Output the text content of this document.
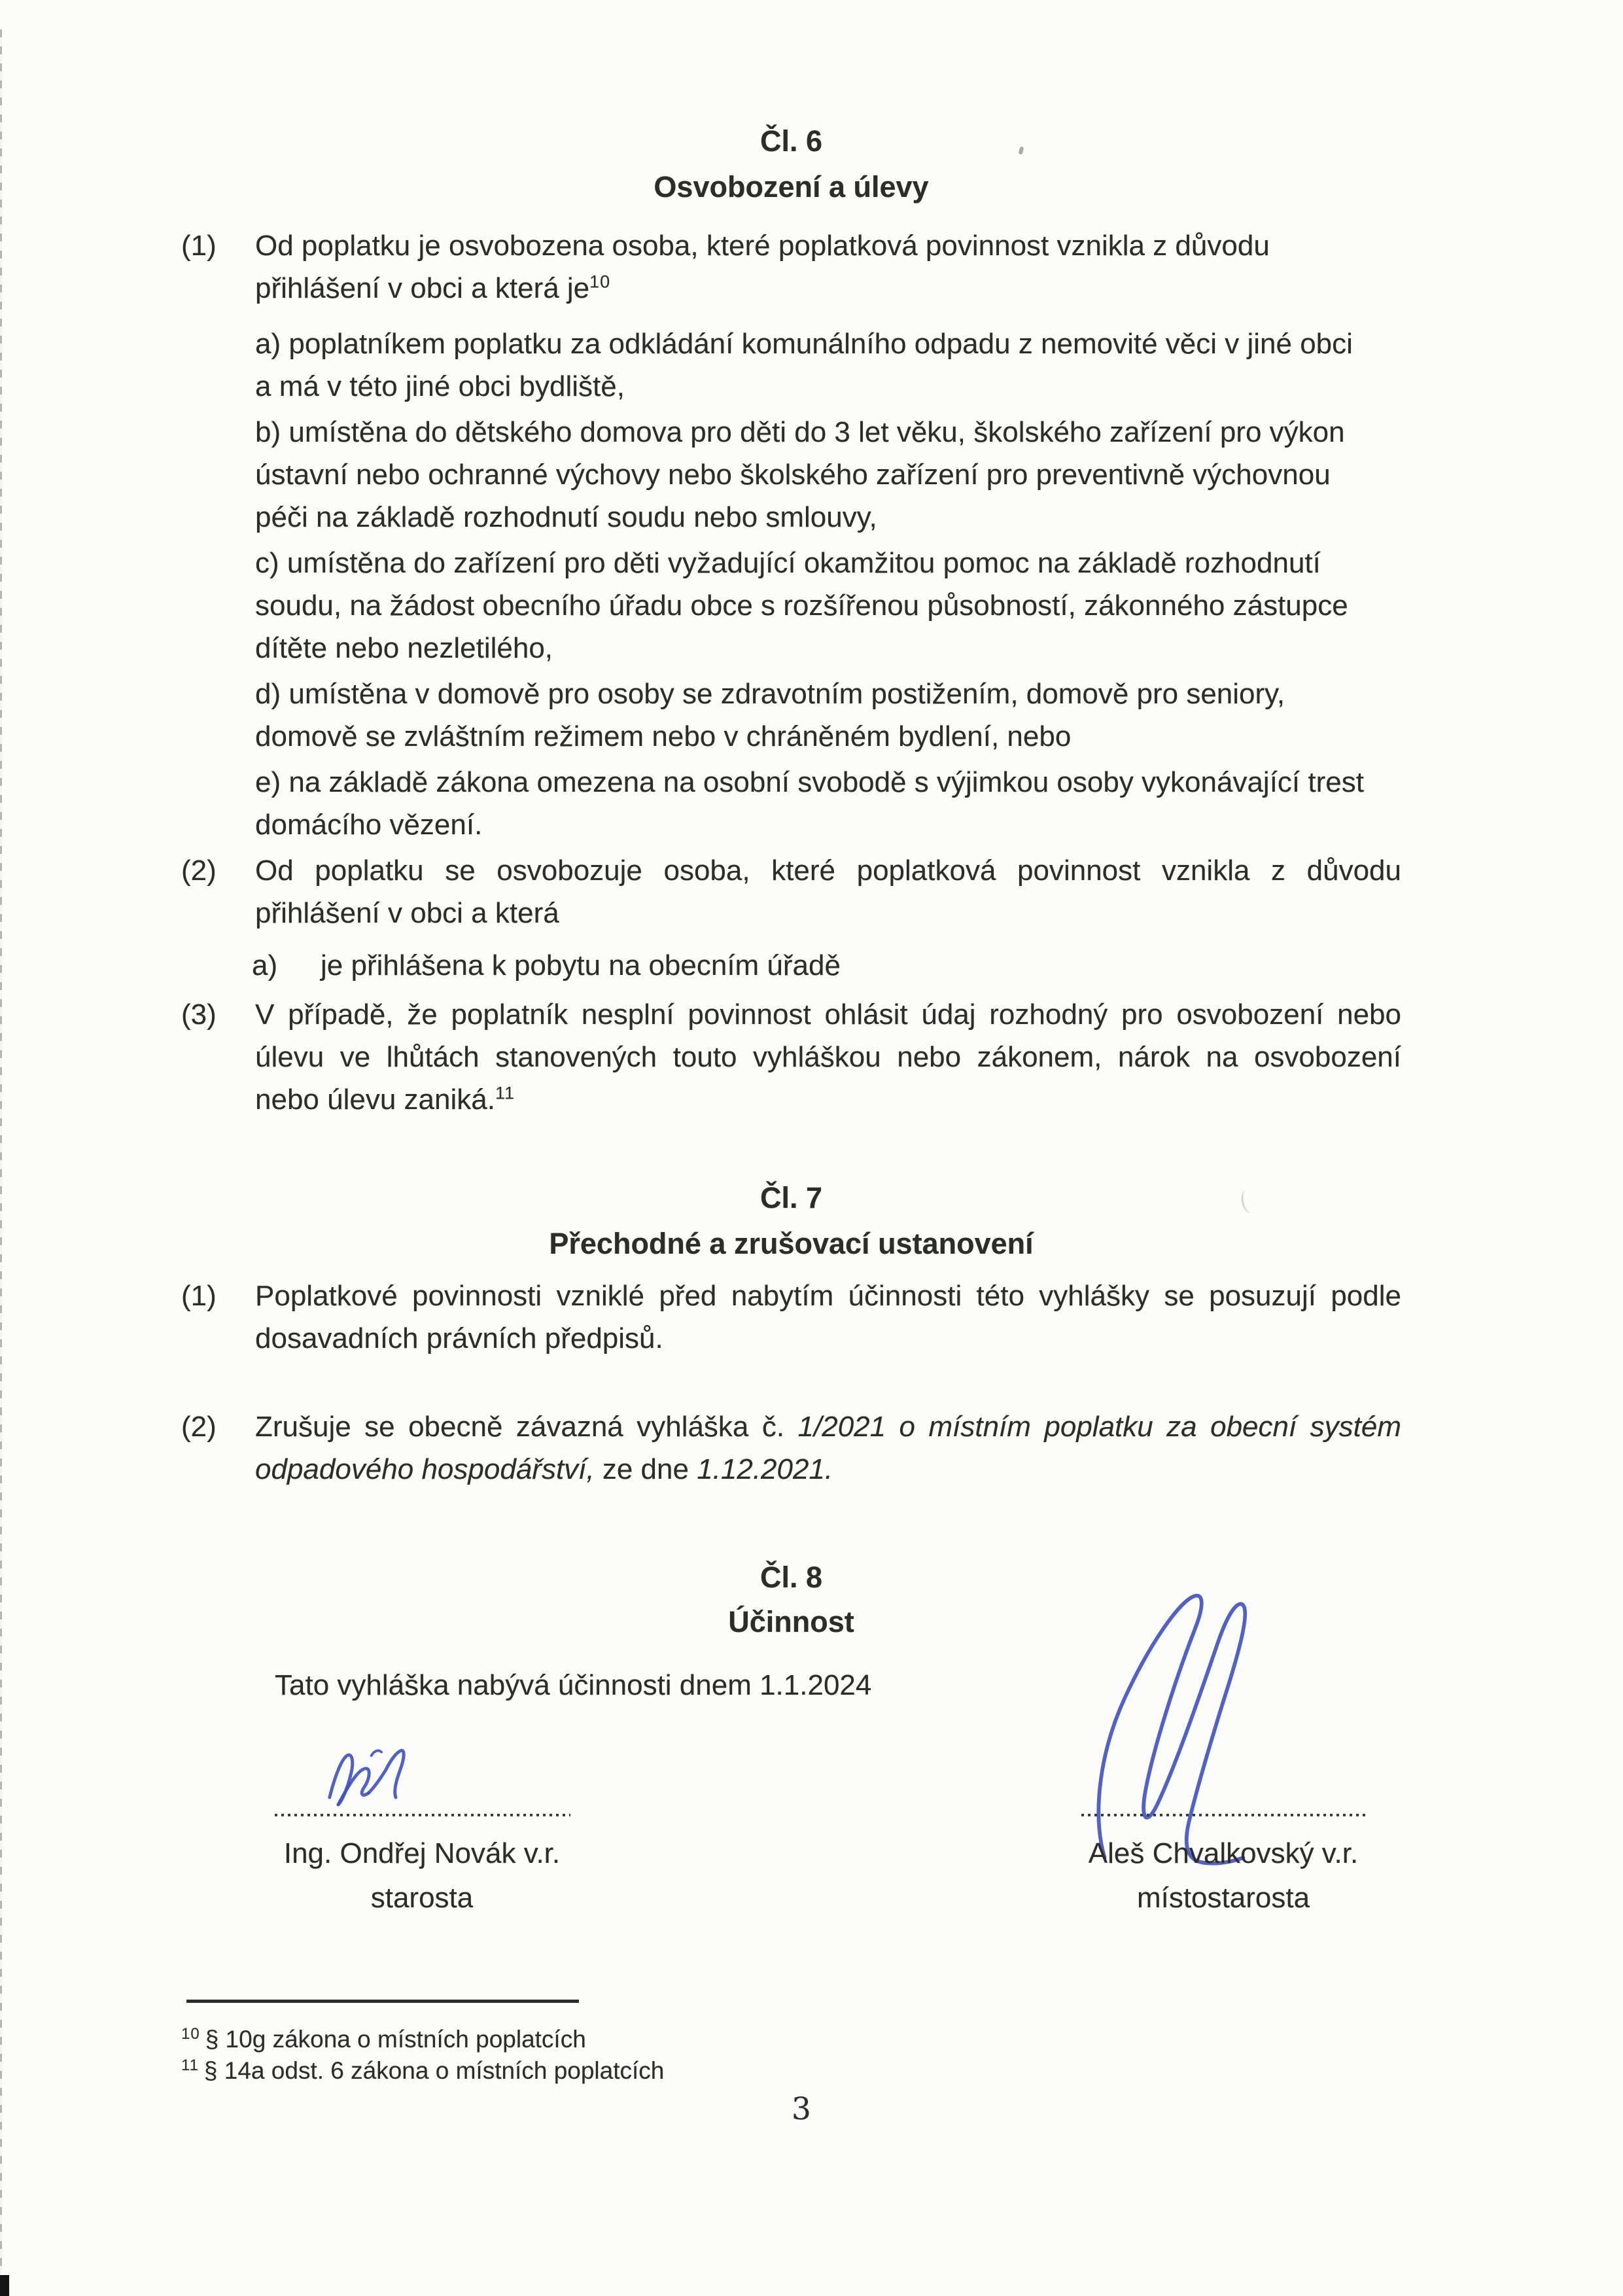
Čl. 6
Osvobození a úlevy
(1)	Od poplatku je osvobozena osoba, které poplatková povinnost vznikla z důvodu
přihlášení v obci a která $je^{10}$
a) poplatníkem poplatku za odkládání komunálního odpadu z nemovité věci v jiné obci
a má v této jiné obci bydliště,
b) umístěna do dětského domova pro děti do 3 let věku, školského zařízení pro výkon
ústavní nebo ochranné výchovy nebo školského zařízení pro preventivně výchovnou
péči na základě rozhodnutí soudu nebo smlouvy,
c) umístěna do zařízení pro děti vyžadující okamžitou pomoc na základě rozhodnutí
soudu, na žádost obecního úřadu obce s rozšířenou působností, zákonného zástupce
dítěte nebo nezletilého,
d) umístěna v domově pro osoby se zdravotním postižením, domově pro seniory,
domově se zvláštním režimem nebo v chráněném bydlení, nebo
e) na základě zákona omezena na osobní svobodě s výjimkou osoby vykonávající trest
domácího vězení.
(2)	Od poplatku se osvobozuje osoba, které poplatková povinnost vznikla z důvodu
přihlášení v obci a která
a)	je přihlášena k pobytu na obecním úřadě
(3)	V případě, že poplatník nesplní povinnost ohlásit údaj rozhodný pro osvobození nebo
úlevu ve lhůtách stanovených touto vyhláškou nebo zákonem, nárok na osvobození
nebo úlevu zaniká.$^{11}$
Čl. 7
Přechodné a zrušovací ustanovení
(1)	Poplatkové povinnosti vzniklé před nabytím účinnosti této vyhlášky se posuzují podle
dosavadních právních předpisů.
(2)	Zrušuje se obecně závazná vyhláška č. 1/2021 o místním poplatku za obecní systém
odpadového hospodářství, ze dne 1.12.2021.
Čl. 8
Účinnost
Tato vyhláška nabývá účinnosti dnem 1.1.2024
Ing. Ondřej Novák v.r.
starosta
Aleš Chvalkovský v.r.
místostarosta
$^{10}$ § 10g zákona o místních poplatcích
$^{11}$ § 14a odst. 6 zákona o místních poplatcích
3
